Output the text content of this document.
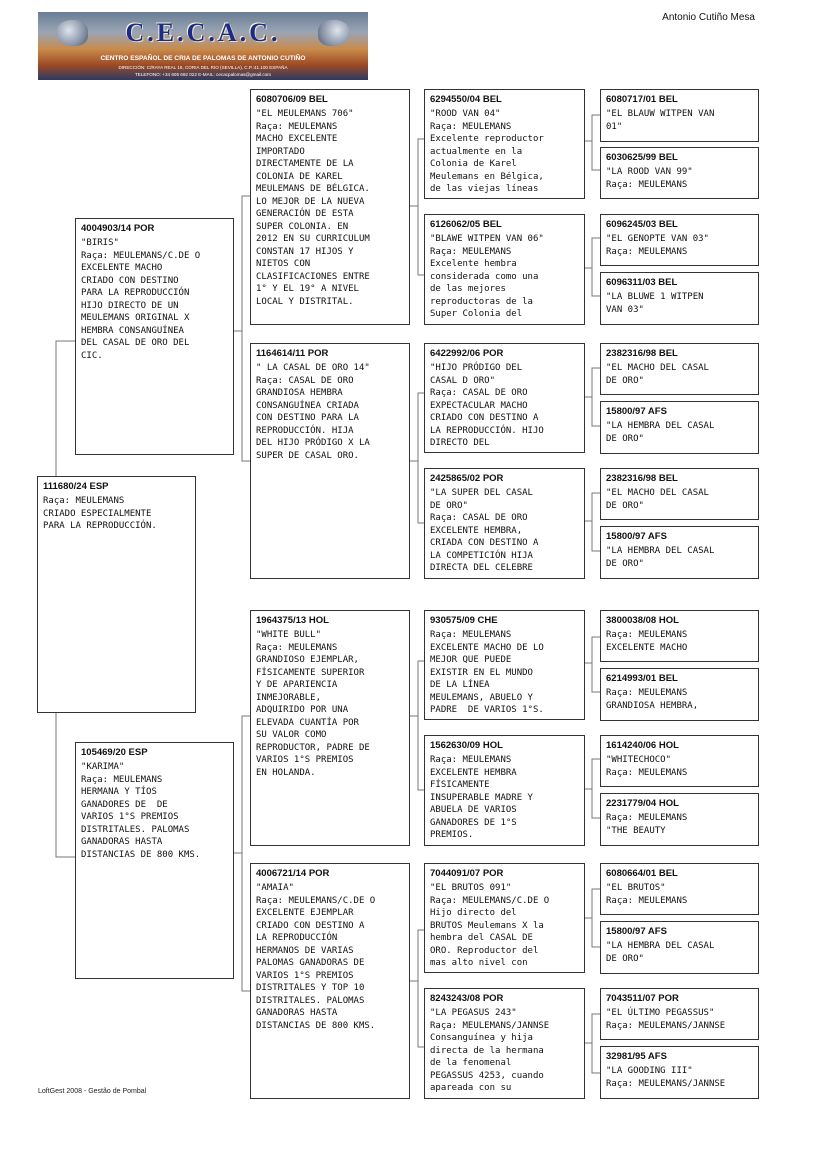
Antonio Cutiño Mesa
C.E.C.A.C.
CENTRO ESPAÑOL DE CRIA DE PALOMAS DE ANTONIO CUTIÑO
DIRECCIÓN: C/RAYA REAL 16, CORIA DEL RIO (SEVILLA), C.P.:41.100 ESPAÑA
TELEFONO: +34 605 692 022 E-MAIL: cecacpalomas@gmail.com
111680/24 ESP
Raça: MEULEMANS
CRIADO ESPECIALMENTE
PARA LA REPRODUCCIÓN.
4004903/14 POR
"BIRIS"
Raça: MEULEMANS/C.DE O
EXCELENTE MACHO
CRIADO CON DESTINO
PARA LA REPRODUCCIÓN
HIJO DIRECTO DE UN
MEULEMANS ORIGINAL X
HEMBRA CONSANGUÍNEA
DEL CASAL DE ORO DEL
CIC.
105469/20 ESP
"KARIMA"
Raça: MEULEMANS
HERMANA Y TÍOS
GANADORES DE  DE
VARIOS 1°S PREMIOS
DISTRITALES. PALOMAS
GANADORAS HASTA
DISTANCIAS DE 800 KMS.
6080706/09 BEL
"EL MEULEMANS 706"
Raça: MEULEMANS
MACHO EXCELENTE
IMPORTADO
DIRECTAMENTE DE LA
COLONIA DE KAREL
MEULEMANS DE BÉLGICA.
LO MEJOR DE LA NUEVA
GENERACIÓN DE ESTA
SUPER COLONIA. EN
2012 EN SU CURRICULUM
CONSTAN 17 HIJOS Y
NIETOS CON
CLASIFICACIONES ENTRE
1° Y EL 19° A NIVEL
LOCAL Y DISTRITAL.
1164614/11 POR
" LA CASAL DE ORO 14"
Raça: CASAL DE ORO
GRANDIOSA HEMBRA
CONSANGUÍNEA CRIADA
CON DESTINO PARA LA
REPRODUCCIÓN. HIJA
DEL HIJO PRÓDIGO X LA
SUPER DE CASAL ORO.
1964375/13 HOL
"WHITE BULL"
Raça: MEULEMANS
GRANDIOSO EJEMPLAR,
FÍSICAMENTE SUPERIOR
Y DE APARIENCIA
INMEJORABLE,
ADQUIRIDO POR UNA
ELEVADA CUANTÍA POR
SU VALOR COMO
REPRODUCTOR, PADRE DE
VARIOS 1°S PREMIOS
EN HOLANDA.
4006721/14 POR
"AMAIA"
Raça: MEULEMANS/C.DE O
EXCELENTE EJEMPLAR
CRIADO CON DESTINO A
LA REPRODUCCIÓN
HERMANOS DE VARIAS
PALOMAS GANADORAS DE
VARIOS 1°S PREMIOS
DISTRITALES Y TOP 10
DISTRITALES. PALOMAS
GANADORAS HASTA
DISTANCIAS DE 800 KMS.
6294550/04 BEL
"ROOD VAN 04"
Raça: MEULEMANS
Excelente reproductor
actualmente en la
Colonia de Karel
Meulemans en Bélgica,
de las viejas líneas
6126062/05 BEL
"BLAWE WITPEN VAN 06"
Raça: MEULEMANS
Excelente hembra
considerada como una
de las mejores
reproductoras de la
Super Colonia del
6422992/06 POR
"HIJO PRÓDIGO DEL
CASAL D ORO"
Raça: CASAL DE ORO
EXPECTACULAR MACHO
CRIADO CON DESTINO A
LA REPRODUCCIÓN. HIJO
DIRECTO DEL
2425865/02 POR
"LA SUPER DEL CASAL
DE ORO"
Raça: CASAL DE ORO
EXCELENTE HEMBRA,
CRIADA CON DESTINO A
LA COMPETICIÓN HIJA
DIRECTA DEL CELEBRE
930575/09 CHE
Raça: MEULEMANS
EXCELENTE MACHO DE LO
MEJOR QUE PUEDE
EXISTIR EN EL MUNDO
DE LA LÍNEA
MEULEMANS, ABUELO Y
PADRE  DE VARIOS 1°S.
1562630/09 HOL
Raça: MEULEMANS
EXCELENTE HEMBRA
FÍSICAMENTE
INSUPERABLE MADRE Y
ABUELA DE VARIOS
GANADORES DE 1°S
PREMIOS.
7044091/07 POR
"EL BRUTOS 091"
Raça: MEULEMANS/C.DE O
Hijo directo del
BRUTOS Meulemans X la
hembra del CASAL DE
ORO. Reproductor del
mas alto nivel con
8243243/08 POR
"LA PEGASUS 243"
Raça: MEULEMANS/JANNSE
Consanguínea y hija
directa de la hermana
de la fenomenal
PEGASSUS 4253, cuando
apareada con su
6080717/01 BEL
"EL BLAUW WITPEN VAN
01"
6030625/99 BEL
"LA ROOD VAN 99"
Raça: MEULEMANS
6096245/03 BEL
"EL GENOPTE VAN 03"
Raça: MEULEMANS
6096311/03 BEL
"LA BLUWE 1 WITPEN
VAN 03"
2382316/98 BEL
"EL MACHO DEL CASAL
DE ORO"
15800/97 AFS
"LA HEMBRA DEL CASAL
DE ORO"
2382316/98 BEL
"EL MACHO DEL CASAL
DE ORO"
15800/97 AFS
"LA HEMBRA DEL CASAL
DE ORO"
3800038/08 HOL
Raça: MEULEMANS
EXCELENTE MACHO
6214993/01 BEL
Raça: MEULEMANS
GRANDIOSA HEMBRA,
1614240/06 HOL
"WHITECHOCO"
Raça: MEULEMANS
2231779/04 HOL
Raça: MEULEMANS
"THE BEAUTY
6080664/01 BEL
"EL BRUTOS"
Raça: MEULEMANS
15800/97 AFS
"LA HEMBRA DEL CASAL
DE ORO"
7043511/07 POR
"EL ÚLTIMO PEGASSUS"
Raça: MEULEMANS/JANNSE
32981/95 AFS
"LA GOODING III"
Raça: MEULEMANS/JANNSE
LoftGest 2008 - Gestão de Pombal
